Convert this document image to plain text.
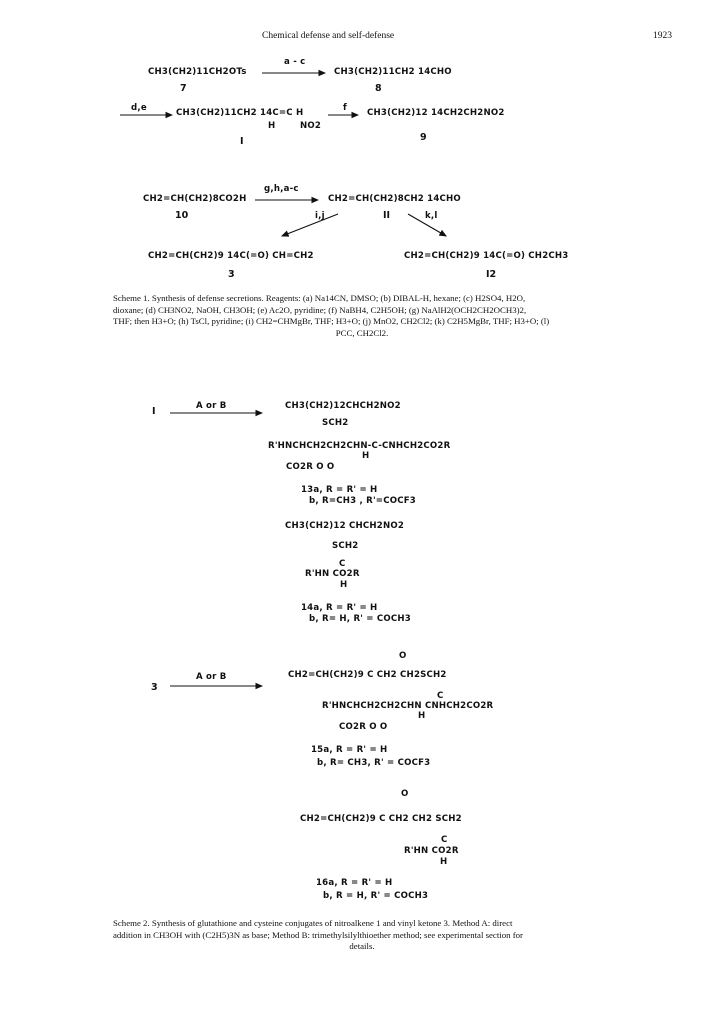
Chemical defense and self-defense	1923
CH3(CH2)11CH2OTs
a - c
CH3(CH2)11CH2 14CHO
7	8
d,e	CH3(CH2)11CH2 14C=C H
H	NO2
I
f CH3(CH2)12 14CH2CH2NO2
9
CH2=CH(CH2)8CO2H
g,h,a-c
CH2=CH(CH2)8CH2 14CHO
10	II
i,j	k,l
CH2=CH(CH2)9 14C(=O) CH=CH2	CH2=CH(CH2)9 14C(=O) CH2CH3
3	I2
Scheme 1. Synthesis of defense secretions. Reagents: (a) Na14CN, DMSO; (b) DIBAL-H, hexane; (c) H2SO4, H2O,
dioxane; (d) CH3NO2, NaOH, CH3OH; (e) Ac2O, pyridine; (f) NaBH4, C2H5OH; (g) NaAlH2(OCH2CH2OCH3)2,
THF; then H3+O; (h) TsCl, pyridine; (i) CH2=CHMgBr, THF; H3+O; (j) MnO2, CH2Cl2; (k) C2H5MgBr, THF; H3+O; (l)
PCC, CH2Cl2.
A or B
I	CH3(CH2)12CHCH2NO2
SCH2
R'HNCHCH2CH2CHN-C-CNHCH2CO2R
H
CO2R O O
13a, R = R' = H
b, R=CH3 , R'=COCF3
CH3(CH2)12 CHCH2NO2
SCH2
C
R'HN CO2R
H
14a, R = R' = H
b, R= H, R' = COCH3
A or B
3
O
CH2=CH(CH2)9 C CH2 CH2SCH2
C
R'HNCHCH2CH2CHN CNHCH2CO2R
H
CO2R O O
15a, R = R' = H
b, R= CH3, R' = COCF3
O
CH2=CH(CH2)9 C CH2 CH2 SCH2
C
R'HN CO2R
H
16a, R = R' = H
b, R = H, R' = COCH3
Scheme 2. Synthesis of glutathione and cysteine conjugates of nitroalkene 1 and vinyl ketone 3. Method A: direct
addition in CH3OH with (C2H5)3N as base; Method B: trimethylsilylthioether method; see experimental section for
details.
